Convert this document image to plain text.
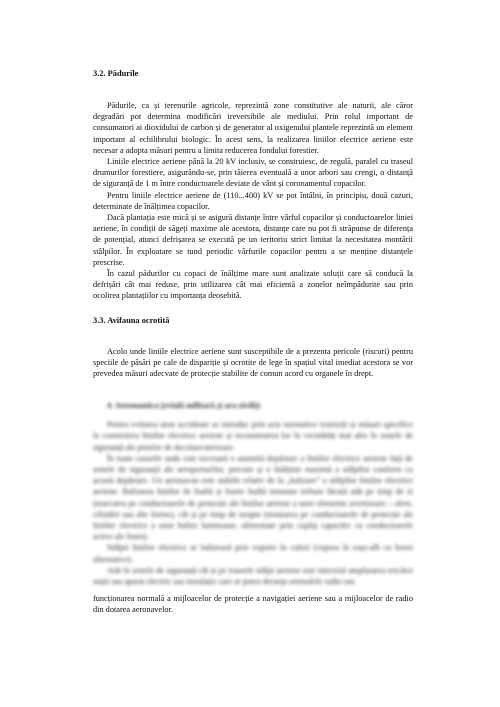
3.2. Pădurile

Pădurile, ca și terenurile agricole, reprezintă zone constitutive ale naturii, ale căror degradări pot determina modificări ireversibile ale mediului. Prin rolul important de consumatori ai dioxidului de carbon și de generator al oxigenului plantele reprezintă un element important al echilibrului biologic. În acest sens, la realizarea liniilor electrice aeriene este necesar a adopta măsuri pentru a limita reducerea fondului forestier.

Liniile electrice aeriene până la 20 kV inclusiv, se construiesc, de regulă, paralel cu traseul drumurilor forestiere, asigurându-se, prin tăierea eventuală a unor arbori sau crengi, o distanță de siguranță de 1 m între conductoarele deviate de vânt și coronamentul copacilor.

Pentru liniile electrice aeriene de (110...400) kV se pot întâlni, în principiu, două cazuri, determinate de înălțimea copacilor.

Dacă plantația este mică și se asigură distanțe între vârful copacilor și conductoarelor liniei aeriene, în condiții de săgeți maxime ale acestora, distanțe care nu pot fi străpunse de diferența de potențial, atunci defrișarea se execută pe un teritoriu strict limitat la necesitatea montării stâlpilor. În exploatare se tund periodic vârfurile copacilor pentru a se menține distanțele prescrise.

În cazul pădurilor cu copaci de înălțime mare sunt analizate soluții care să conducă la defrișări cât mai reduse, prin utilizarea cât mai eficientă a zonelor neîmpădurite sau prin ocolirea plantațiilor cu importanța deosebită.

3.3. Avifauna ocrotită

Acolo unde liniile electrice aeriene sunt susceptibile de a prezenta pericole (riscuri) pentru speciile de păsări pe cale de dispariție și ocrotite de lege în spațiul vital imediat acestora se vor prevedea măsuri adecvate de protecție stabilite de comun acord cu organele în drept.

4. Aeronautica (zvială militară și ara zivilă)

Pentru evitarea unor accidente se introduc prin acte normative restricții și măsuri specifice la construirea liniilor electrice aeriene și reconstruirea lor în vecinătăți mai ales în zonele de siguranță ale pistelor de decolare/aterizare.

În toate cazurile unde este necesară o anumită depărtare a liniilor electrice aeriene față de zonele de siguranță ale aeroporturilor, precum și o înălțime maximă a stâlpilor conform cu acestă depărtare. Un aeronavan este stabilit relativ de la „balizare” a stâlpilor liniilor electrice aeriene. Balizarea liniilor de înaltă și foarte înaltă tensiune trebuie făcută atât pe timp de zi (marcarea pe conductoarele de protecție ale liniilor aeriene a unor elemente avertizoare – sfere, cilindrii sau alte forme), cât și pe timp de noapte (montarea pe conductoarele de protecție ale liniilor electrice a unor balize luminoase, alimentate prin cuplaj capacitiv cu conductoarele active ale liniei).

Stâlpii liniilor electrice se balizează prin vopsire în culori (vopsea în roșu-alb cu benzi alternative).

Atât în zonele de siguranță cât și pe traseele stâlpi aeriene este interzisă amplasarea oricărei stații sau aparat electric sau instalație care ar putea deranja semnalele radio sau

funcționarea normală a mijloacelor de protecție a navigației aeriene sau a mijloacelor de radio din dotarea aeronavelor.
